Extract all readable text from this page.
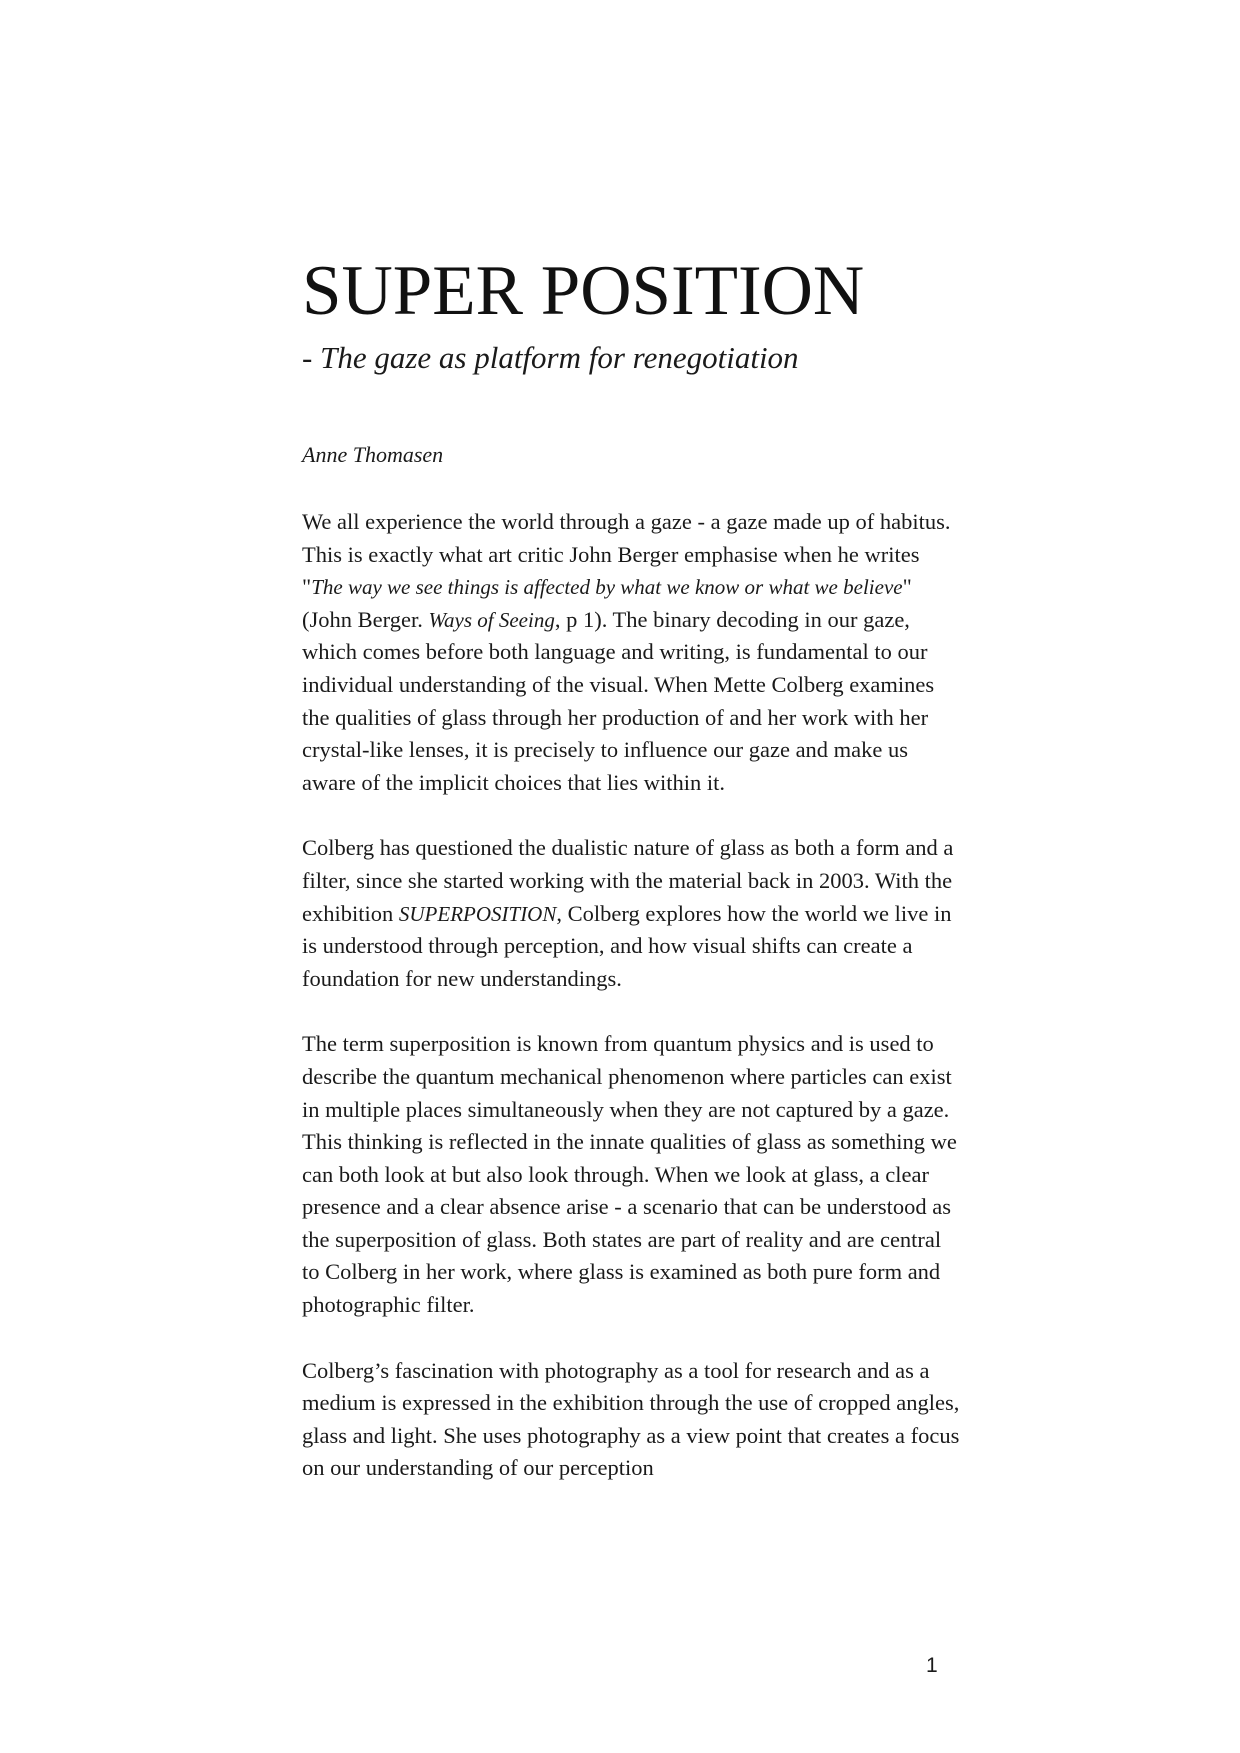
SUPER POSITION
- The gaze as platform for renegotiation
Anne Thomasen

We all experience the world through a gaze - a gaze made up of habitus. This is exactly what art critic John Berger emphasise when he writes "The way we see things is affected by what we know or what we believe" (John Berger. Ways of Seeing, p 1). The binary decoding in our gaze, which comes before both language and writing, is fundamental to our individual understanding of the visual. When Mette Colberg examines the qualities of glass through her production of and her work with her crystal-like lenses, it is precisely to influence our gaze and make us aware of the implicit choices that lies within it.

Colberg has questioned the dualistic nature of glass as both a form and a filter, since she started working with the material back in 2003. With the exhibition SUPERPOSITION, Colberg explores how the world we live in is understood through perception, and how visual shifts can create a foundation for new understandings.

The term superposition is known from quantum physics and is used to describe the quantum mechanical phenomenon where particles can exist in multiple places simultaneously when they are not captured by a gaze. This thinking is reflected in the innate qualities of glass as something we can both look at but also look through. When we look at glass, a clear presence and a clear absence arise - a scenario that can be understood as the superposition of glass. Both states are part of reality and are central to Colberg in her work, where glass is examined as both pure form and photographic filter.

Colberg’s fascination with photography as a tool for research and as a medium is expressed in the exhibition through the use of cropped angles, glass and light. She uses photography as a view point that creates a focus on our understanding of our perception

1
